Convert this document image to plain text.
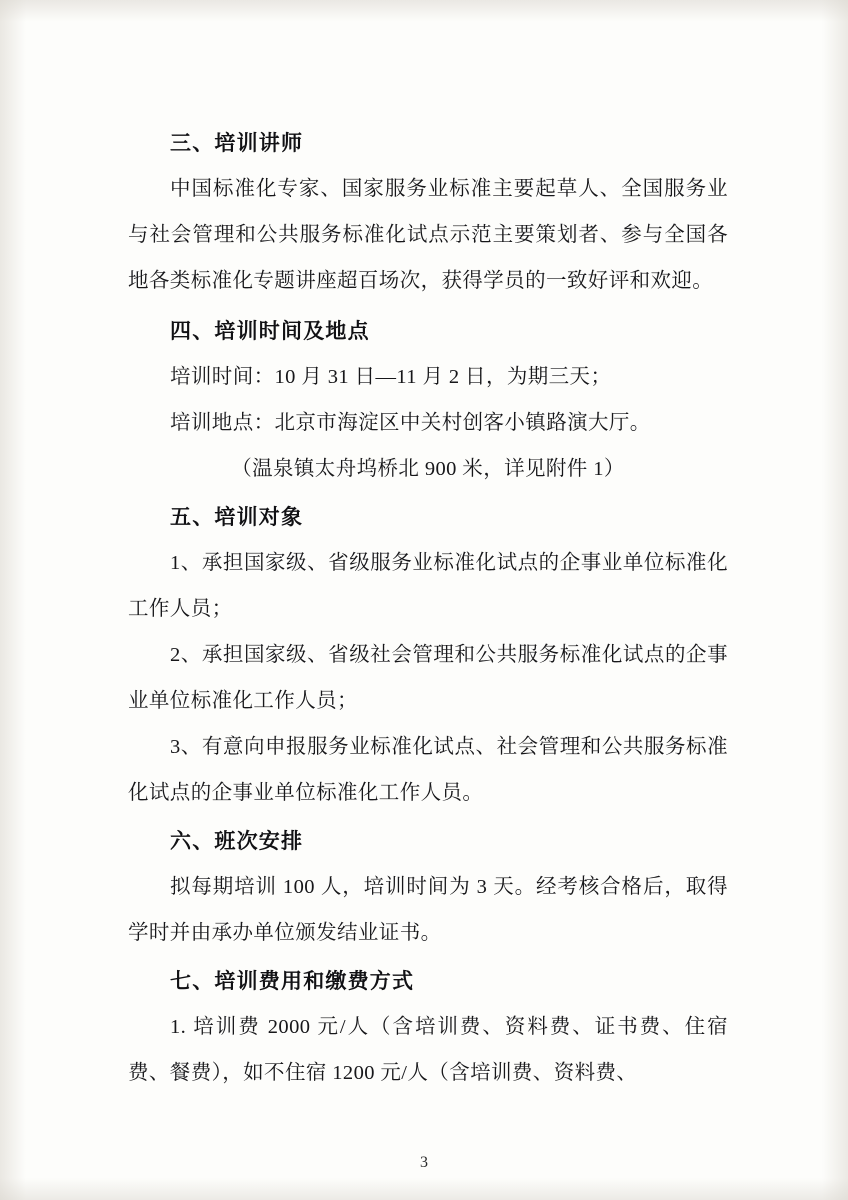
三、培训讲师

中国标准化专家、国家服务业标准主要起草人、全国服务业与社会管理和公共服务标准化试点示范主要策划者、参与全国各地各类标准化专题讲座超百场次，获得学员的一致好评和欢迎。

四、培训时间及地点

培训时间：10 月 31 日—11 月 2 日，为期三天；

培训地点：北京市海淀区中关村创客小镇路演大厅。

（温泉镇太舟坞桥北 900 米，详见附件 1）

五、培训对象

1、承担国家级、省级服务业标准化试点的企事业单位标准化工作人员；

2、承担国家级、省级社会管理和公共服务标准化试点的企事业单位标准化工作人员；

3、有意向申报服务业标准化试点、社会管理和公共服务标准化试点的企事业单位标准化工作人员。

六、班次安排

拟每期培训 100 人，培训时间为 3 天。经考核合格后，取得学时并由承办单位颁发结业证书。

七、培训费用和缴费方式

1. 培训费 2000 元/人（含培训费、资料费、证书费、住宿费、餐费），如不住宿 1200 元/人（含培训费、资料费、

3
